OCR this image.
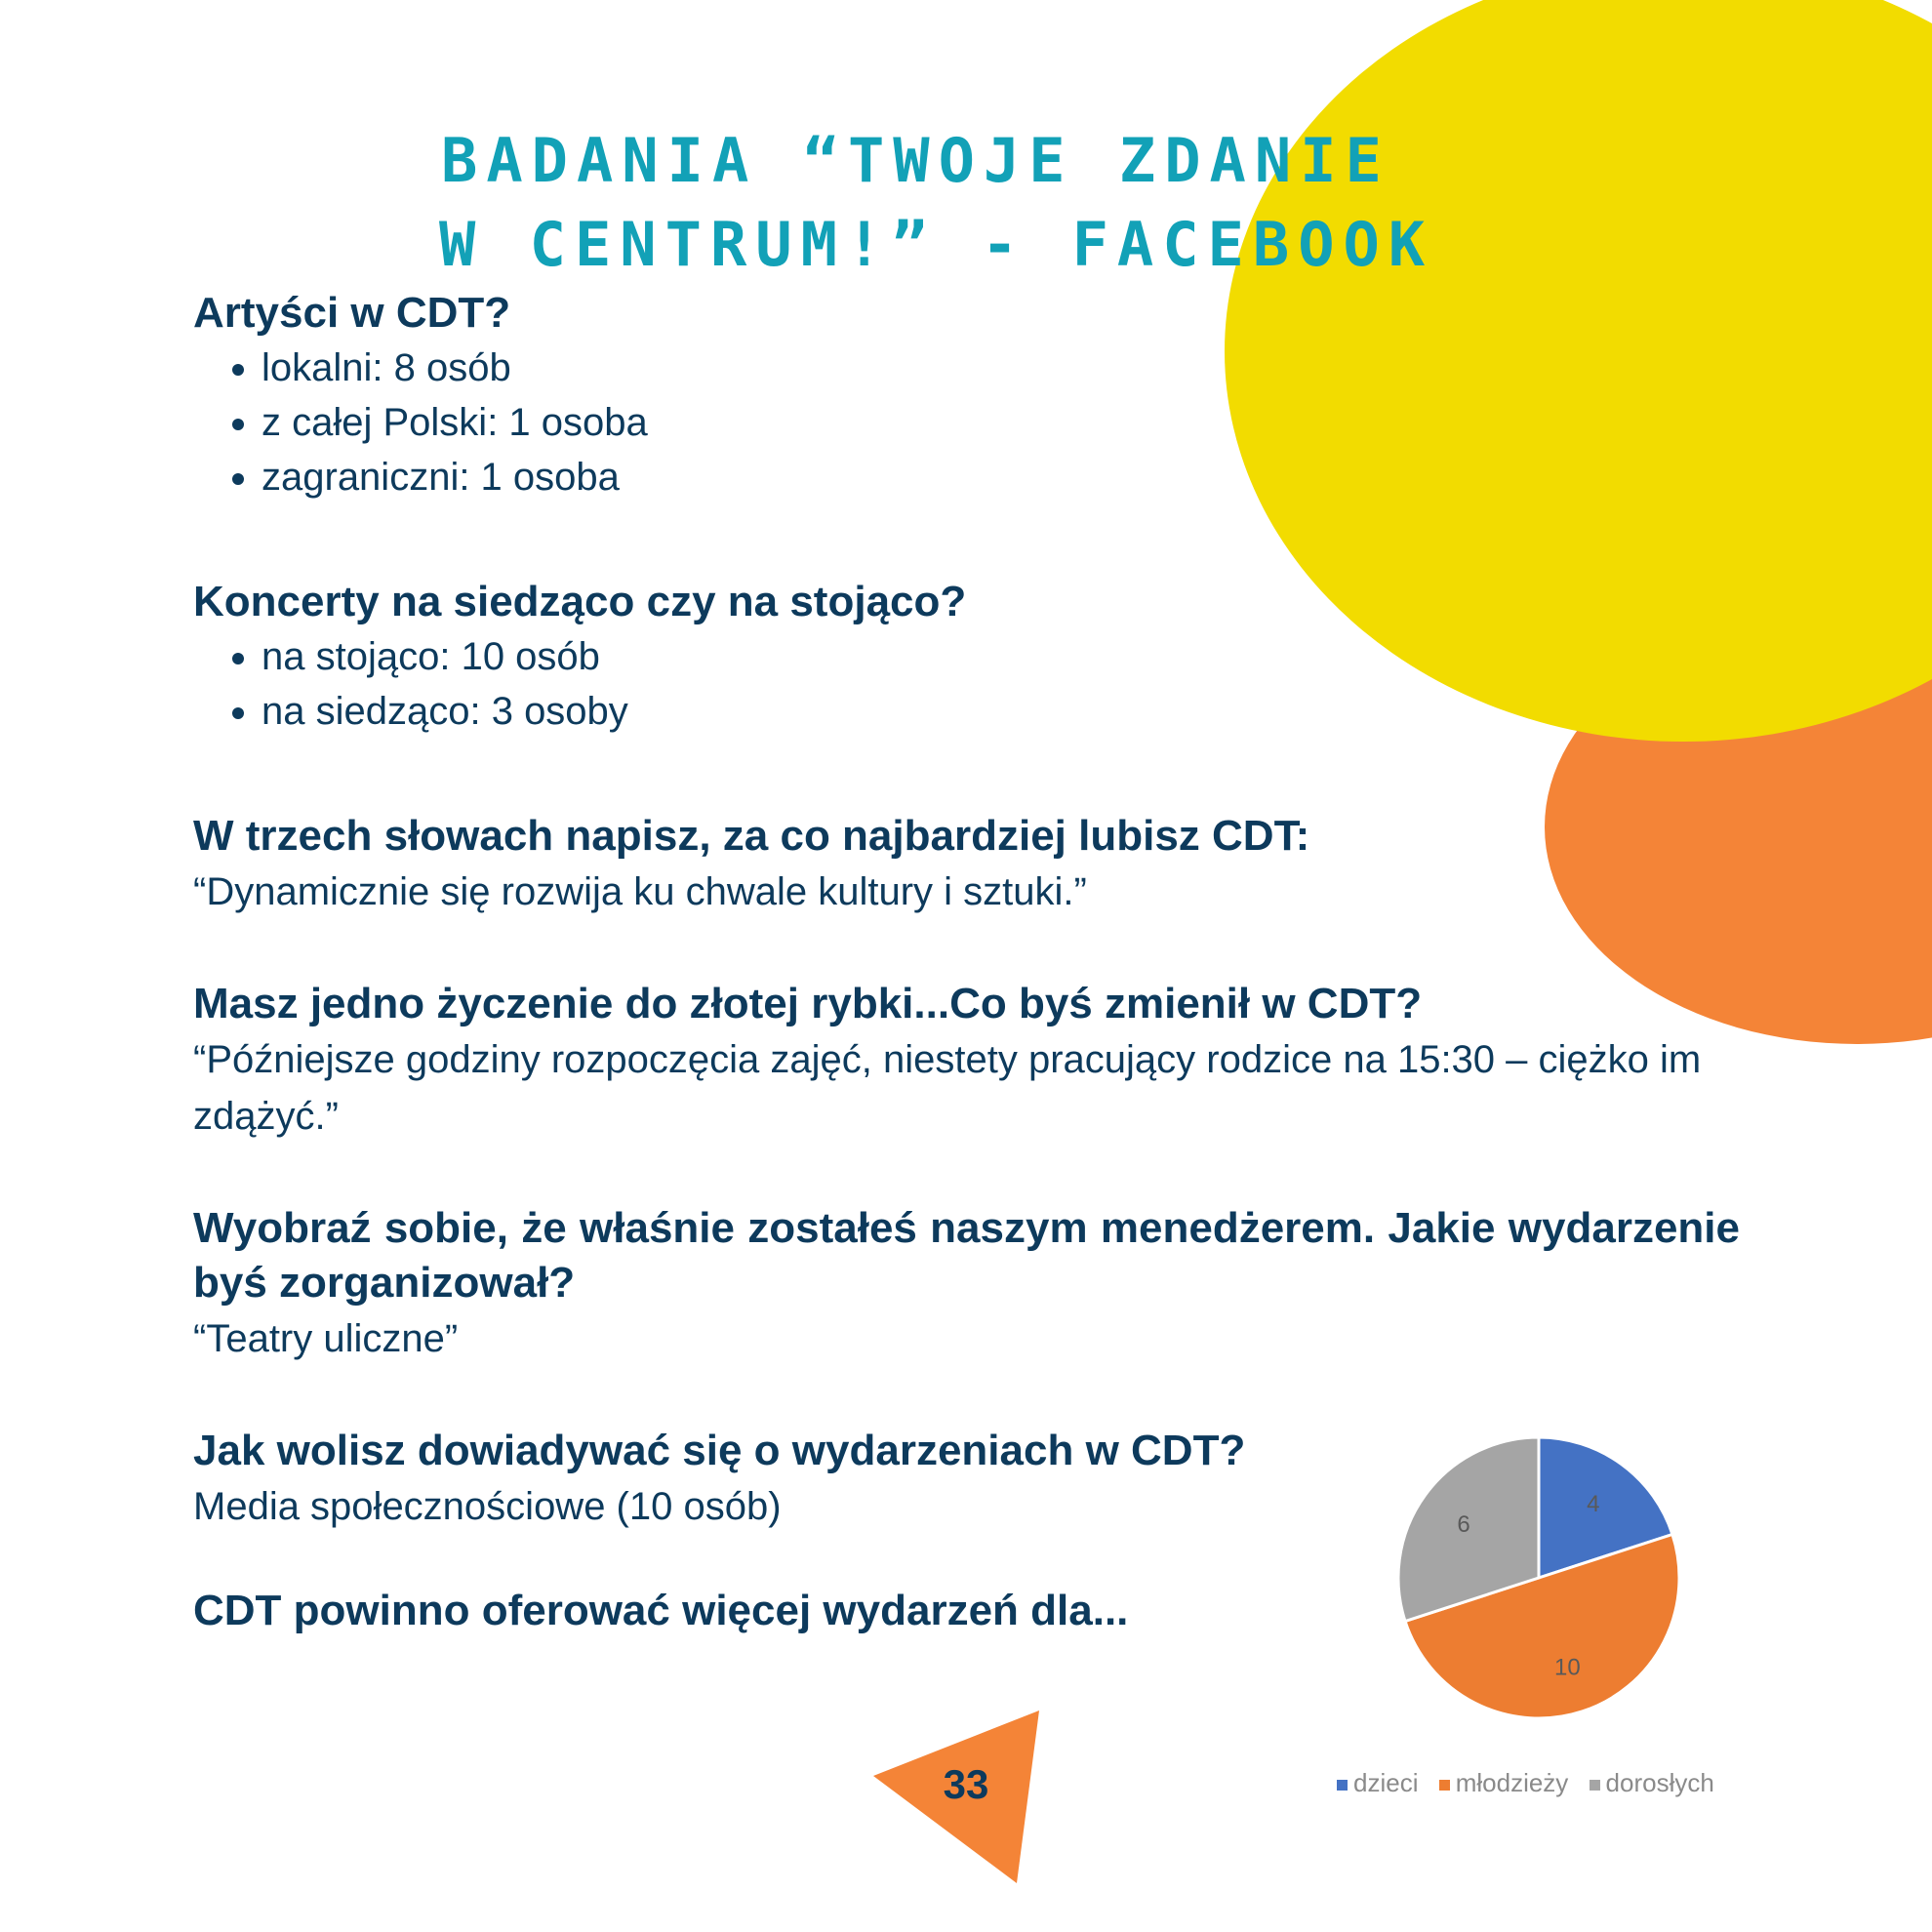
BADANIA “TWOJE ZDANIE
W CENTRUM!” - FACEBOOK

Artyści w CDT?

• lokalni: 8 osób
• z całej Polski: 1 osoba
• zagraniczni: 1 osoba

Koncerty na siedząco czy na stojąco?

• na stojąco: 10 osób
• na siedząco: 3 osoby

W trzech słowach napisz, za co najbardziej lubisz CDT:

“Dynamicznie się rozwija ku chwale kultury i sztuki.”

Masz jedno życzenie do złotej rybki...Co byś zmienił w CDT?

“Późniejsze godziny rozpoczęcia zajęć, niestety pracujący rodzice na 15:30 – ciężko im zdążyć.”

Wyobraź sobie, że właśnie zostałeś naszym menedżerem. Jakie wydarzenie byś zorganizował?

“Teatry uliczne”

Jak wolisz dowiadywać się o wydarzeniach w CDT?

Media społecznościowe (10 osób)

CDT powinno oferować więcej wydarzeń dla...

4
10
6
dzieci młodzieży dorosłych
33
